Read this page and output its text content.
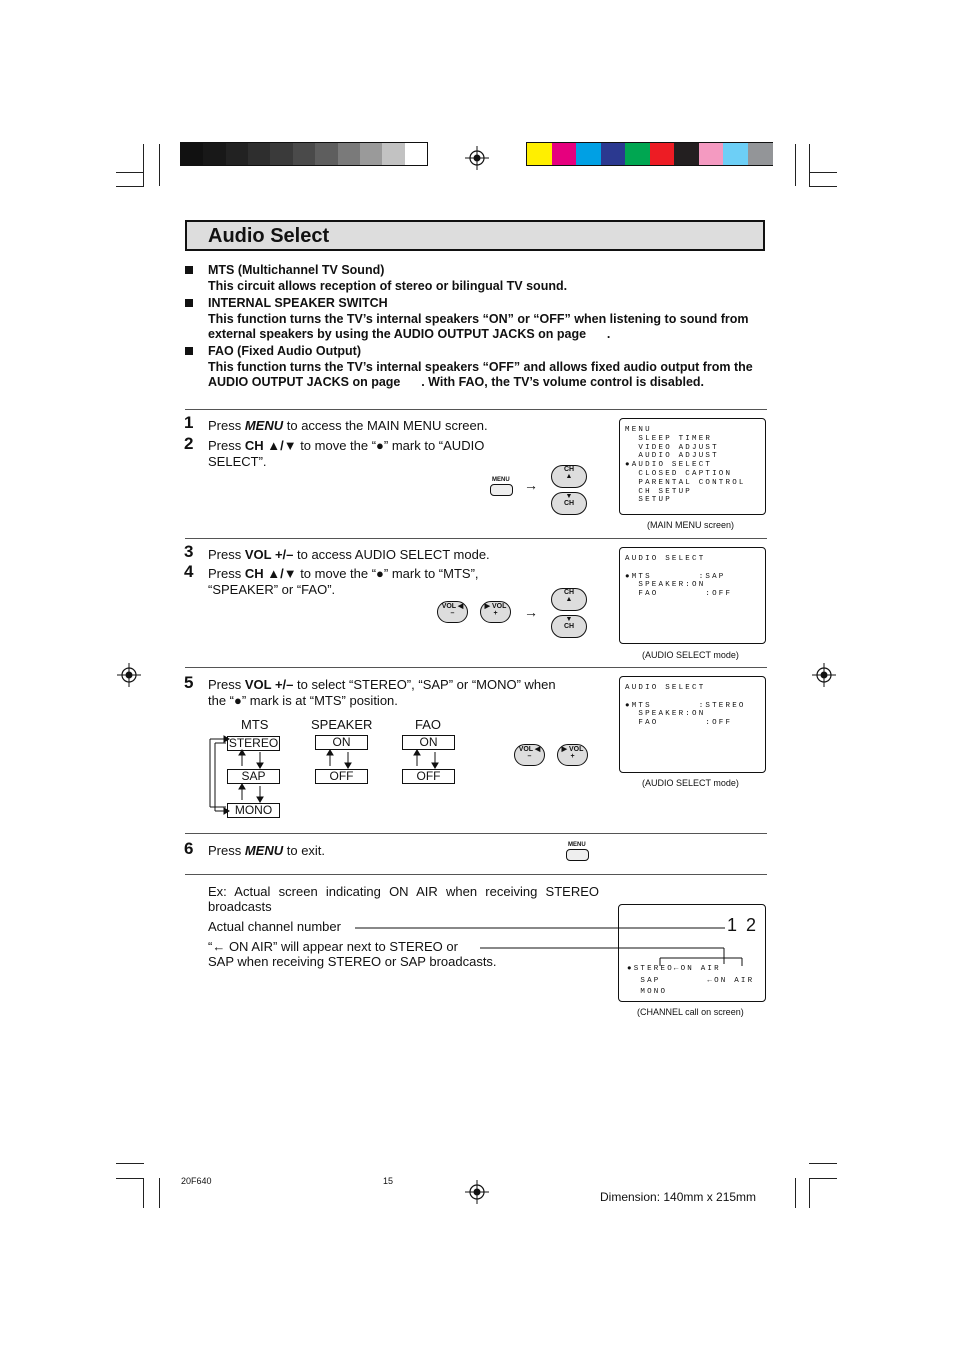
Audio Select
MTS (Multichannel TV Sound)
This circuit allows reception of stereo or bilingual TV sound.
INTERNAL SPEAKER SWITCH
This function turns the TV’s internal speakers “ON” or “OFF” when listening to sound from
external speakers by using the AUDIO OUTPUT JACKS on page      .
FAO (Fixed Audio Output)
This function turns the TV’s internal speakers “OFF” and allows fixed audio output from the
AUDIO OUTPUT JACKS on page      . With FAO, the TV’s volume control is disabled.
1 Press MENU to access the MAIN MENU screen.
2 Press CH ▲/▼ to move the “●” mark to “AUDIO
SELECT”.
MENU →
CH
▲
▼
CH
MENU
SLEEP TIMER
VIDEO ADJUST
AUDIO ADJUST
●AUDIO SELECT
CLOSED CAPTION
PARENTAL CONTROL
CH SETUP
SETUP
(MAIN MENU screen)
3 Press VOL +/– to access AUDIO SELECT mode.
4 Press CH ▲/▼ to move the “●” mark to “MTS”,
“SPEAKER” or “FAO”.
VOL ◀
–
▶ VOL
+	→
CH
▲
▼
CH
AUDIO SELECT
●MTS       :SAP
SPEAKER:ON
FAO       :OFF
(AUDIO SELECT mode)
5 Press VOL +/– to select “STEREO”, “SAP” or “MONO” when
the “●” mark is at “MTS” position.
MTS	SPEAKER	FAO
STEREO
SAP
MONO
ON
OFF
ON
OFF
VOL ◀
–
▶ VOL
+
AUDIO SELECT
●MTS       :STEREO
SPEAKER:ON
FAO       :OFF
(AUDIO SELECT mode)
6 Press MENU to exit.	MENU
Ex: Actual screen indicating ON AIR when receiving STEREO
broadcasts
Actual channel number
“← ON AIR” will appear next to STEREO or
SAP when receiving STEREO or SAP broadcasts.
1 2
●STEREO←ON AIR
SAP       ←ON AIR
MONO
(CHANNEL call on screen)
20F640	15
Dimension: 140mm x 215mm
